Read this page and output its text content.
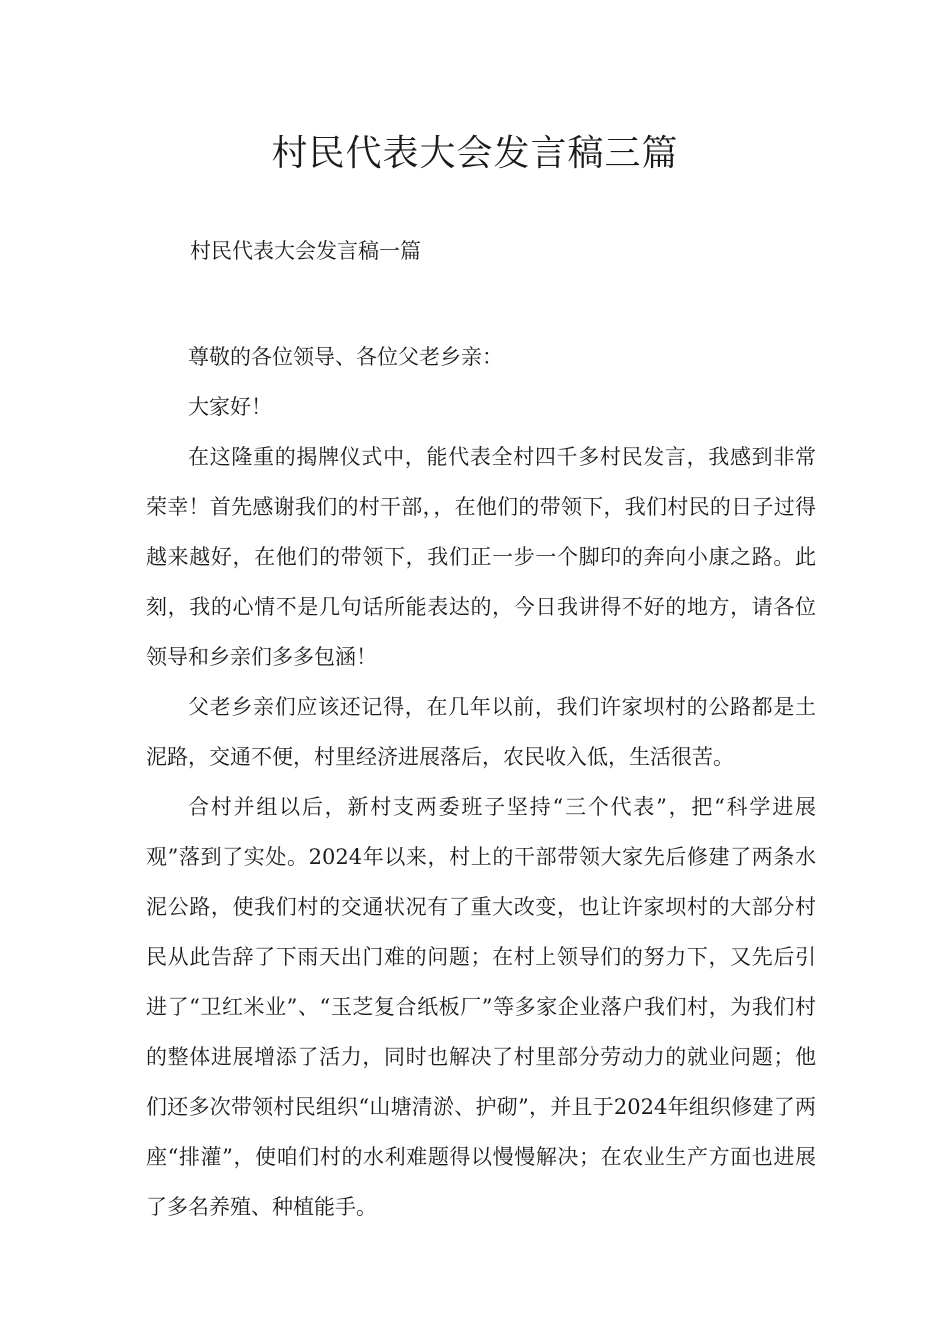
村民代表大会发言稿三篇

村民代表大会发言稿一篇

尊敬的各位领导、各位父老乡亲：

大家好！

在这隆重的揭牌仪式中，能代表全村四千多村民发言，我感到非常荣幸！首先感谢我们的村干部，，在他们的带领下，我们村民的日子过得越来越好，在他们的带领下，我们正一步一个脚印的奔向小康之路。此刻，我的心情不是几句话所能表达的，今日我讲得不好的地方，请各位领导和乡亲们多多包涵！

父老乡亲们应该还记得，在几年以前，我们许家坝村的公路都是土泥路，交通不便，村里经济进展落后，农民收入低，生活很苦。

合村并组以后，新村支两委班子坚持“三个代表”，把“科学进展观”落到了实处。2024年以来，村上的干部带领大家先后修建了两条水泥公路，使我们村的交通状况有了重大改变，也让许家坝村的大部分村民从此告辞了下雨天出门难的问题；在村上领导们的努力下，又先后引进了“卫红米业”、“玉芝复合纸板厂”等多家企业落户我们村，为我们村的整体进展增添了活力，同时也解决了村里部分劳动力的就业问题；他们还多次带领村民组织“山塘清淤、护砌”，并且于2024年组织修建了两座“排灌”，使咱们村的水利难题得以慢慢解决；在农业生产方面也进展了多名养殖、种植能手。
